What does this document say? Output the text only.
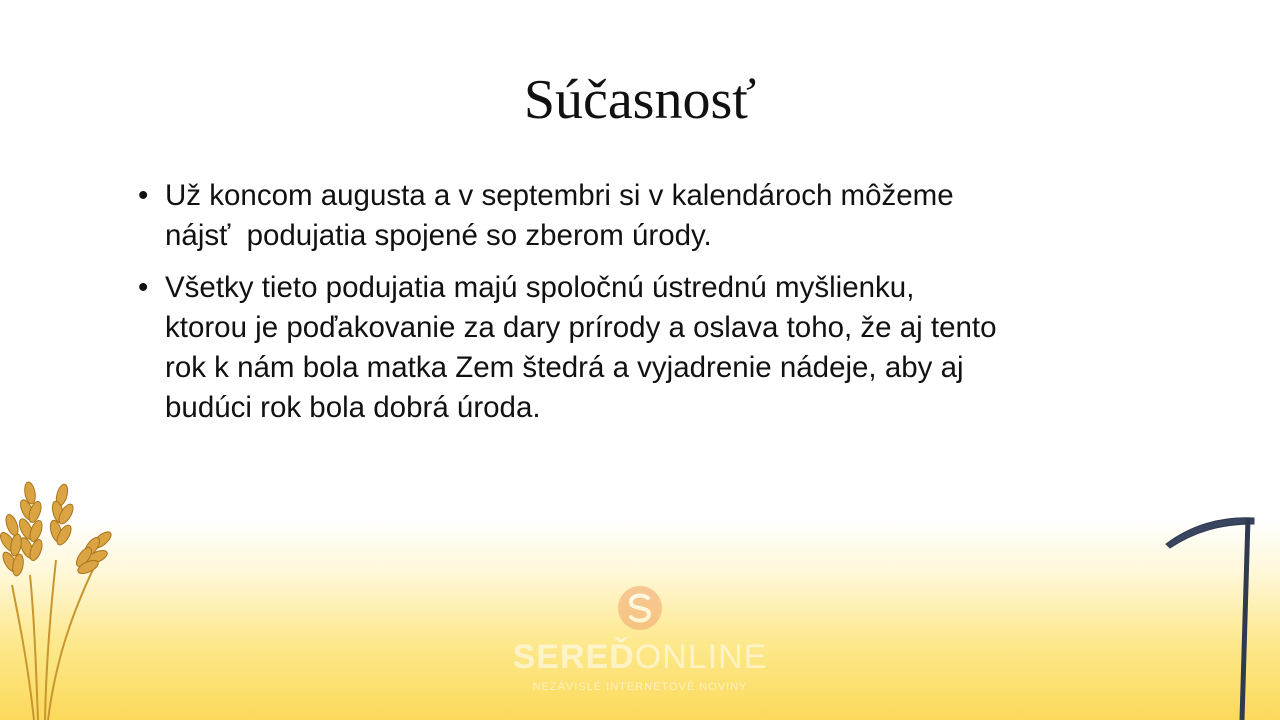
Súčasnosť
• Už koncom augusta a v septembri si v kalendároch môžeme
nájsť  podujatia spojené so zberom úrody.
• Všetky tieto podujatia majú spoločnú ústrednú myšlienku,
ktorou je poďakovanie za dary prírody a oslava toho, že aj tento
rok k nám bola matka Zem štedrá a vyjadrenie nádeje, aby aj
budúci rok bola dobrá úroda.
SEREĎONLINE
NEZÁVISLÉ INTERNETOVÉ NOVINY
